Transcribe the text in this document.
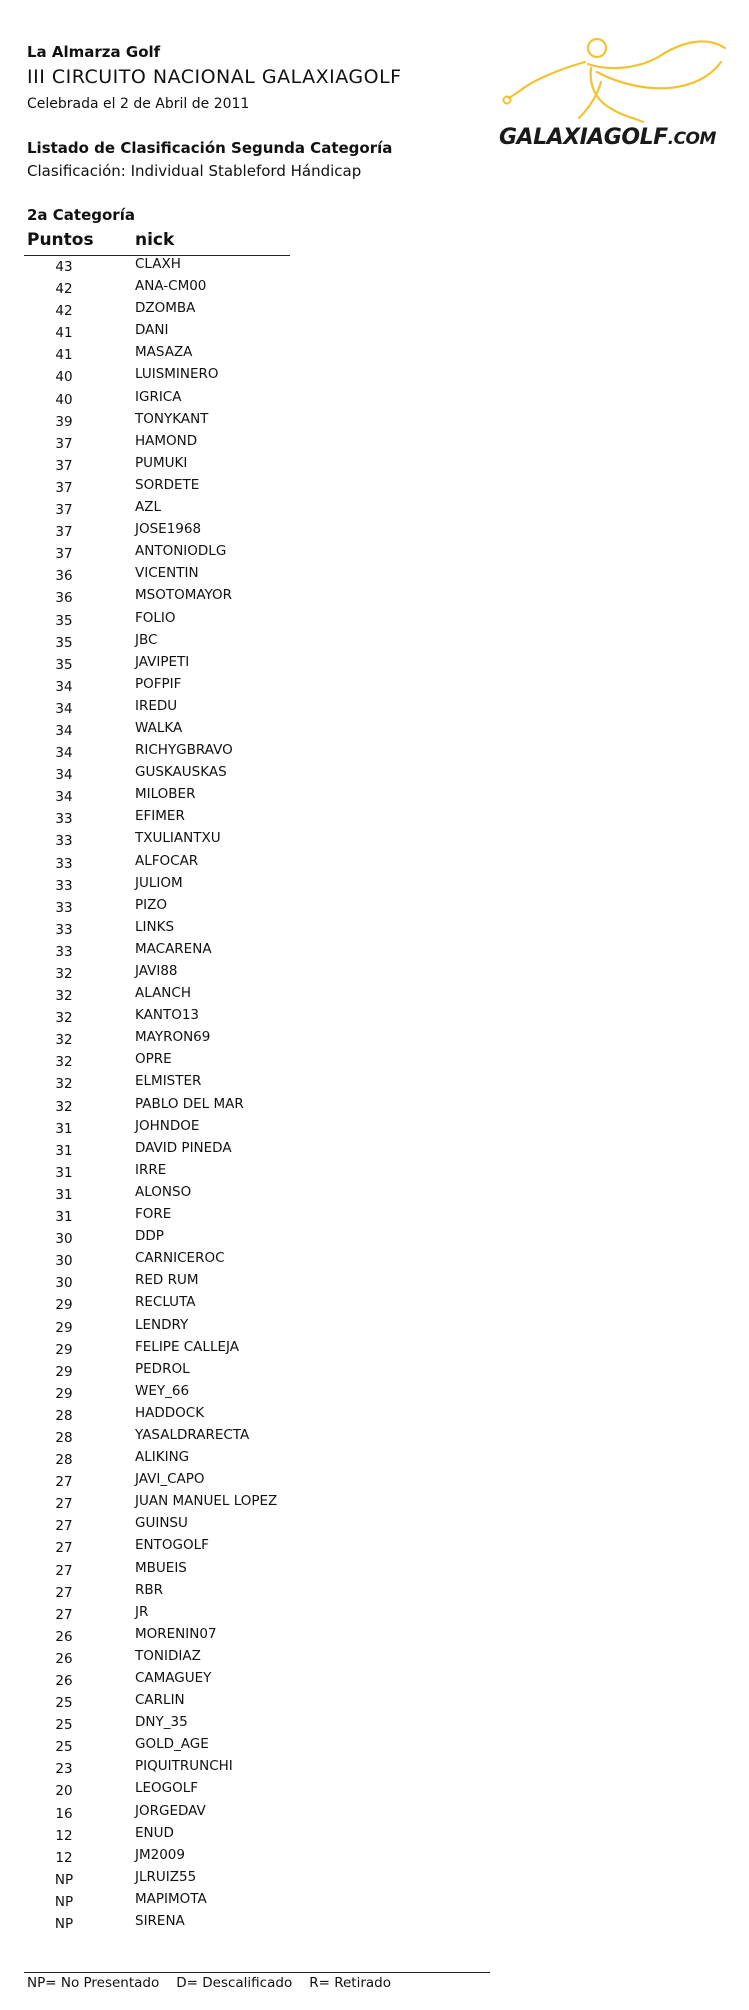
La Almarza Golf
III CIRCUITO NACIONAL GALAXIAGOLF
Celebrada el 2 de Abril de 2011
Listado de Clasificación Segunda Categoría
Clasificación: Individual Stableford Hándicap
2a Categoría
GALAXIAGOLF.COM
Puntos nick
43	CLAXH
42	ANA-CM00
42	DZOMBA
41	DANI
41	MASAZA
40	LUISMINERO
40	IGRICA
39	TONYKANT
37	HAMOND
37	PUMUKI
37	SORDETE
37	AZL
37	JOSE1968
37	ANTONIODLG
36	VICENTIN
36	MSOTOMAYOR
35	FOLIO
35	JBC
35	JAVIPETI
34	POFPIF
34	IREDU
34	WALKA
34	RICHYGBRAVO
34	GUSKAUSKAS
34	MILOBER
33	EFIMER
33	TXULIANTXU
33	ALFOCAR
33	JULIOM
33	PIZO
33	LINKS
33	MACARENA
32	JAVI88
32	ALANCH
32	KANTO13
32	MAYRON69
32	OPRE
32	ELMISTER
32	PABLO DEL MAR
31	JOHNDOE
31	DAVID PINEDA
31	IRRE
31	ALONSO
31	FORE
30	DDP
30	CARNICEROC
30	RED RUM
29	RECLUTA
29	LENDRY
29	FELIPE CALLEJA
29	PEDROL
29	WEY_66
28	HADDOCK
28	YASALDRARECTA
28	ALIKING
27	JAVI_CAPO
27	JUAN MANUEL LOPEZ
27	GUINSU
27	ENTOGOLF
27	MBUEIS
27	RBR
27	JR
26	MORENIN07
26	TONIDIAZ
26	CAMAGUEY
25	CARLIN
25	DNY_35
25	GOLD_AGE
23	PIQUITRUNCHI
20	LEOGOLF
16	JORGEDAV
12	ENUD
12	JM2009
NP	JLRUIZ55
NP	MAPIMOTA
NP	SIRENA
NP= No Presentado D= Descalificado R= Retirado
